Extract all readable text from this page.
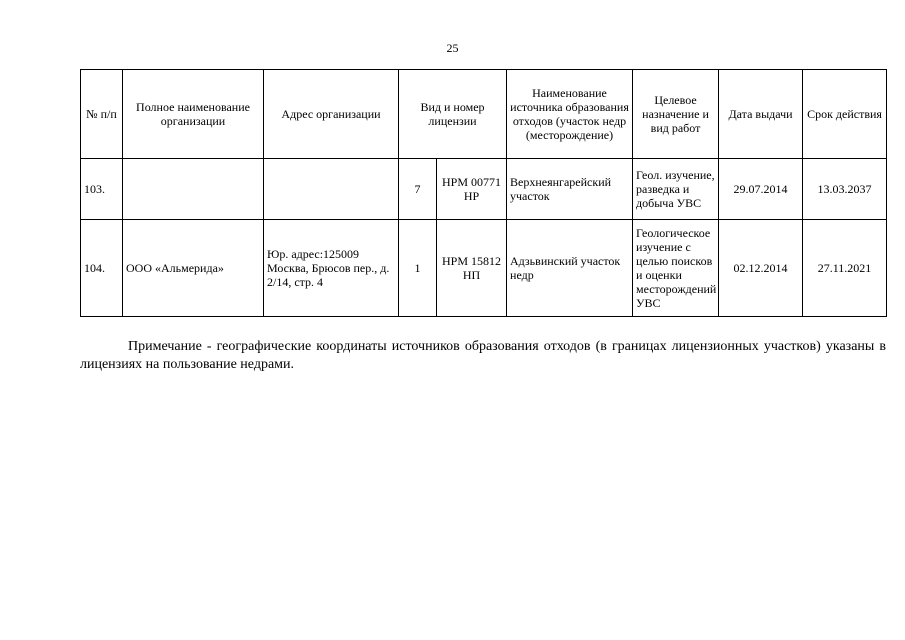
25
№ п/п	Полное наименование организации	Адрес организации	Вид и номер лицензии		Наименование источника образования отходов (участок недр (месторождение)	Целевое назначение и вид работ	Дата выдачи	Срок действия
103.			7	НРМ 00771 НР	Верхнеянгарейский участок	Геол. изучение, разведка и добыча УВС	29.07.2014	13.03.2037
104.	ООО «Альмерида»	Юр. адрес:125009 Москва, Брюсов пер., д. 2/14, стр. 4	1	НРМ 15812 НП	Адзьвинский участок недр	Геологическое изучение с целью поисков и оценки месторождений УВС	02.12.2014	27.11.2021

Примечание - географические координаты источников образования отходов (в границах лицензионных участков) указаны в лицензиях на пользование недрами.
